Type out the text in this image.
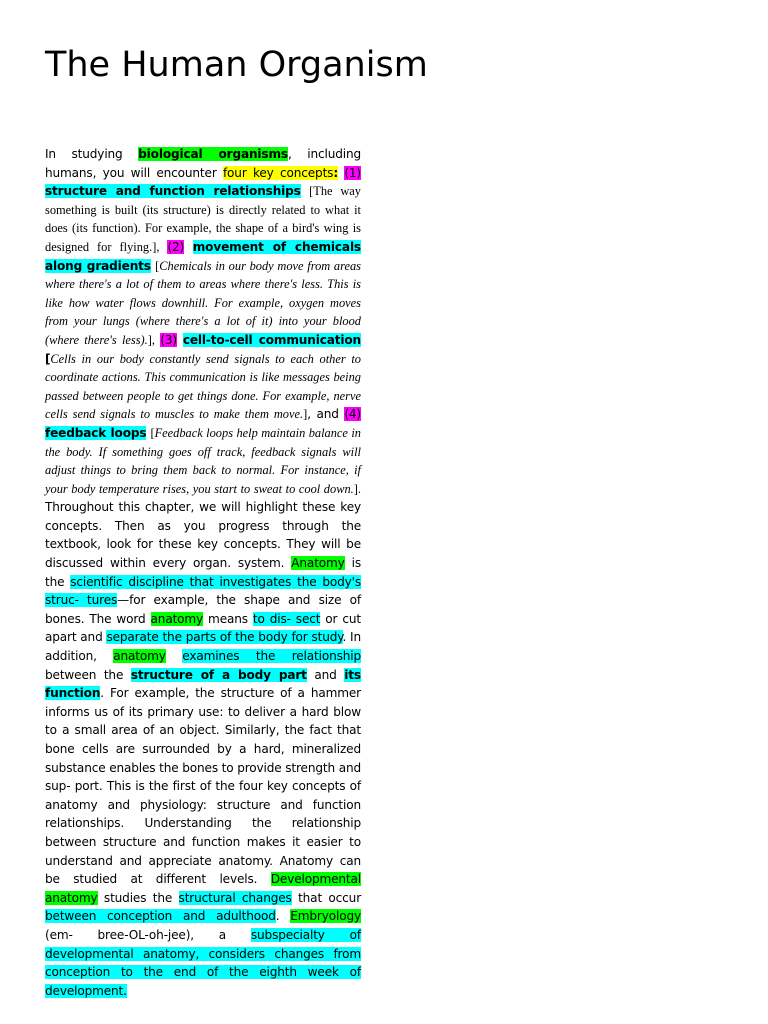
The Human Organism

In studying biological organisms, including humans, you will encounter four key concepts: (1) structure and function relationships [The way something is built (its structure) is directly related to what it does (its function). For example, the shape of a bird's wing is designed for flying.], (2) movement of chemicals along gradients [Chemicals in our body move from areas where there's a lot of them to areas where there's less. This is like how water flows downhill. For example, oxygen moves from your lungs (where there's a lot of it) into your blood (where there's less).], (3) cell-to-cell communication [Cells in our body constantly send signals to each other to coordinate actions. This communication is like messages being passed between people to get things done. For example, nerve cells send signals to muscles to make them move.], and (4) feedback loops [Feedback loops help maintain balance in the body. If something goes off track, feedback signals will adjust things to bring them back to normal. For instance, if your body temperature rises, you start to sweat to cool down.]. Throughout this chapter, we will highlight these key concepts. Then as you progress through the textbook, look for these key concepts. They will be discussed within every organ. system. Anatomy is the scientific discipline that investigates the body's struc- tures—for example, the shape and size of bones. The word anatomy means to dis- sect or cut apart and separate the parts of the body for study. In addition, anatomy examines the relationship between the structure of a body part and its function. For example, the structure of a hammer informs us of its primary use: to deliver a hard blow to a small area of an object. Similarly, the fact that bone cells are surrounded by a hard, mineralized substance enables the bones to provide strength and sup- port. This is the first of the four key concepts of anatomy and physiology: structure and function relationships. Understanding the relationship between structure and function makes it easier to understand and appreciate anatomy. Anatomy can be studied at different levels. Developmental anatomy studies the structural changes that occur between conception and adulthood. Embryology (em- bree-OL-oh-jee), a subspecialty of developmental anatomy, considers changes from conception to the end of the eighth week of development.
